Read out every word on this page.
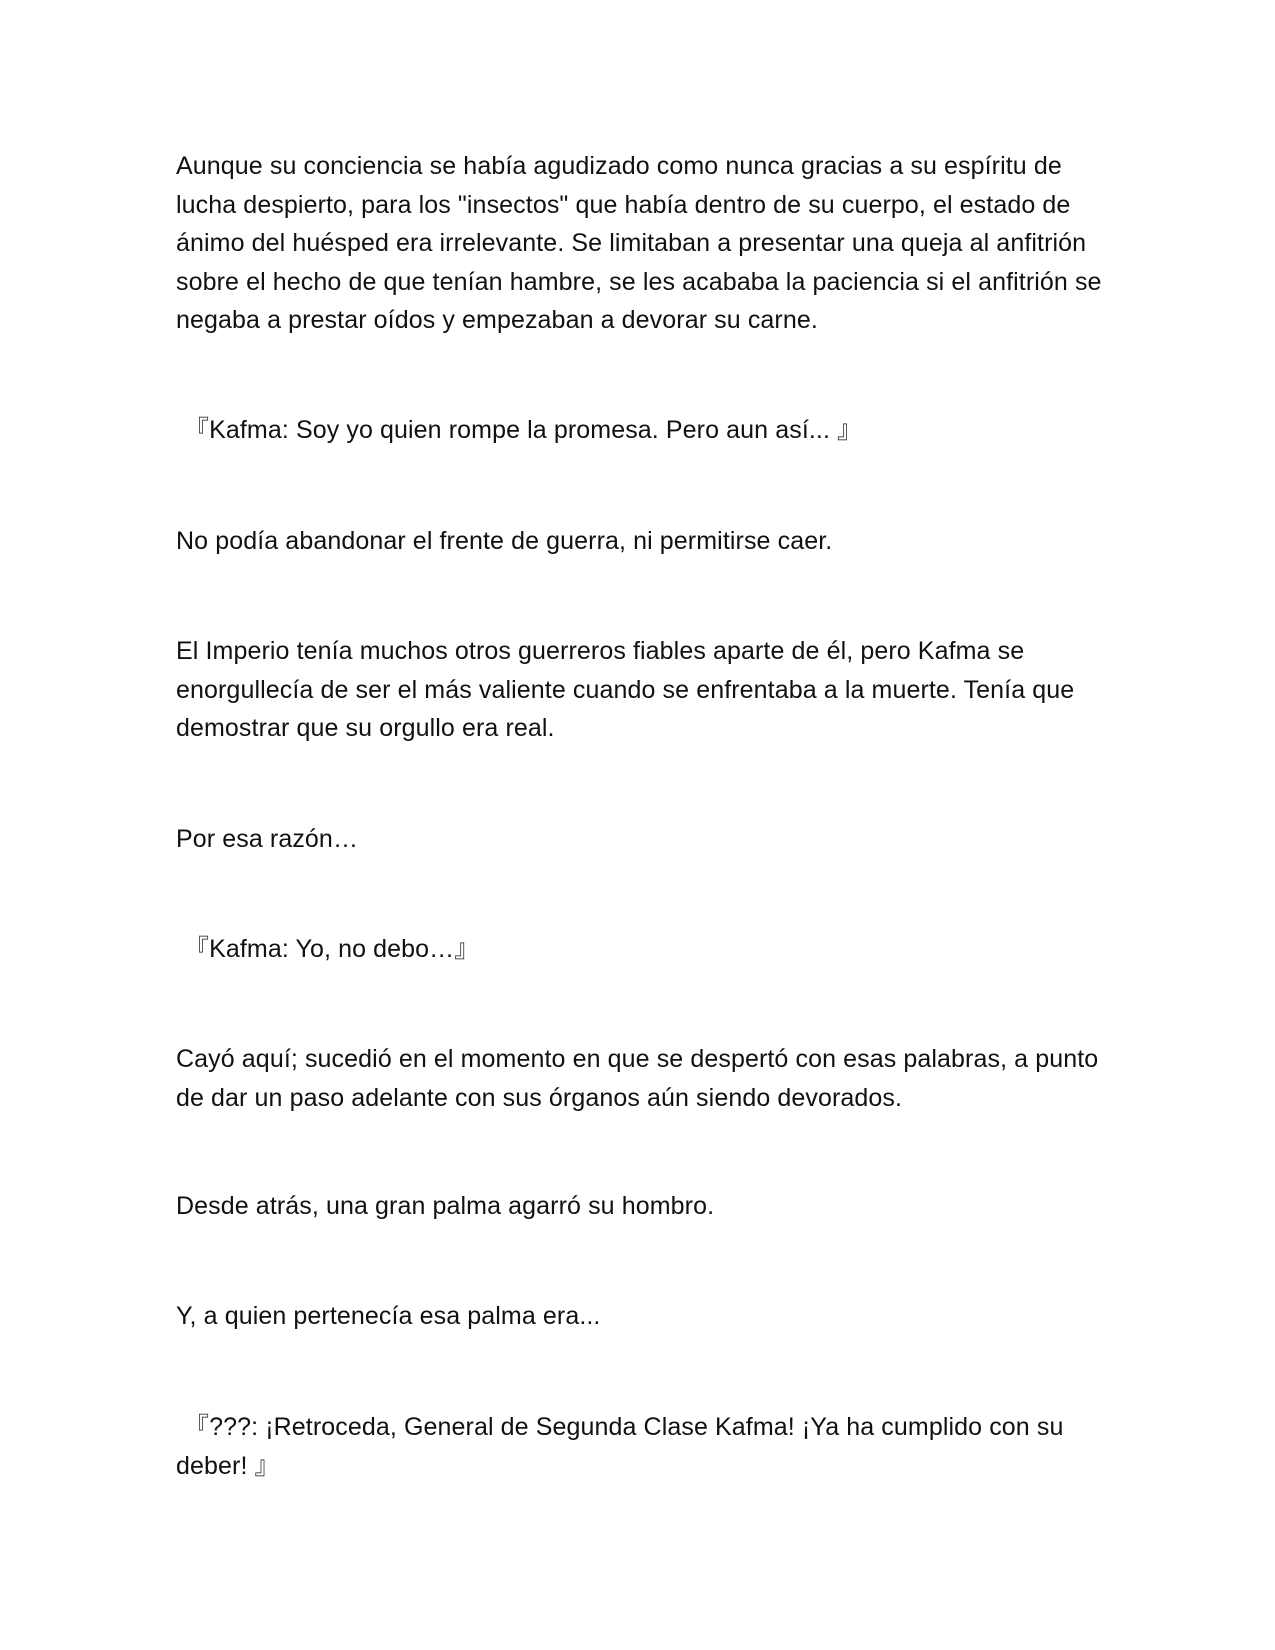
Aunque su conciencia se había agudizado como nunca gracias a su espíritu de lucha despierto, para los "insectos" que había dentro de su cuerpo, el estado de ánimo del huésped era irrelevante. Se limitaban a presentar una queja al anfitrión sobre el hecho de que tenían hambre, se les acababa la paciencia si el anfitrión se negaba a prestar oídos y empezaban a devorar su carne.

『Kafma: Soy yo quien rompe la promesa. Pero aun así... 』

No podía abandonar el frente de guerra, ni permitirse caer.

El Imperio tenía muchos otros guerreros fiables aparte de él, pero Kafma se enorgullecía de ser el más valiente cuando se enfrentaba a la muerte. Tenía que demostrar que su orgullo era real.

Por esa razón…

『Kafma: Yo, no debo…』

Cayó aquí; sucedió en el momento en que se despertó con esas palabras, a punto de dar un paso adelante con sus órganos aún siendo devorados.

Desde atrás, una gran palma agarró su hombro.

Y, a quien pertenecía esa palma era...

『???: ¡Retroceda, General de Segunda Clase Kafma! ¡Ya ha cumplido con su deber! 』
